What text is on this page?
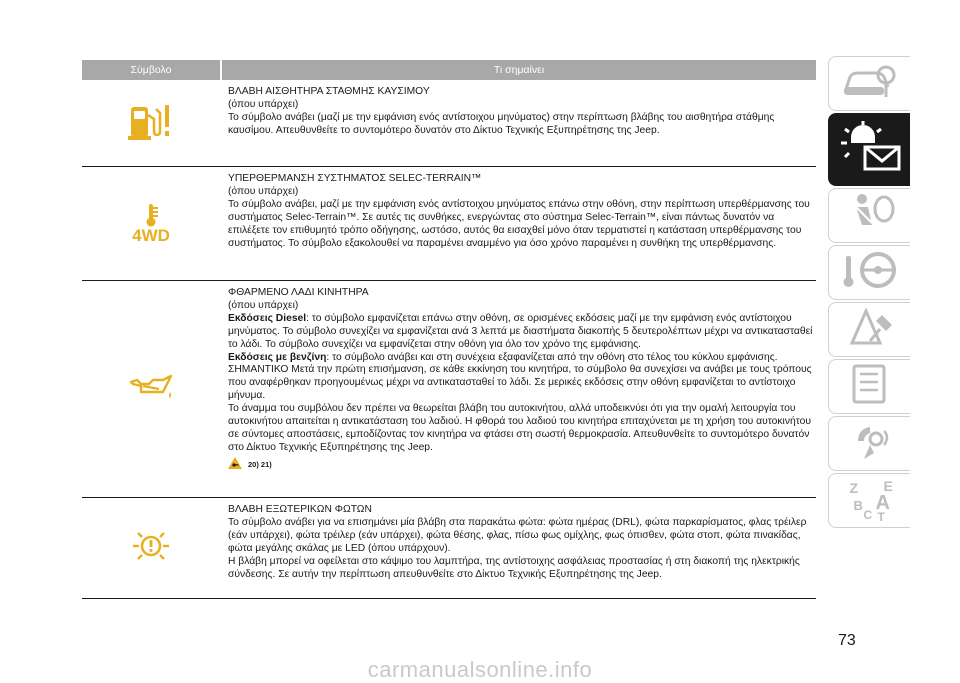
Σύμβολο	Τι σημαίνει

ΒΛΑΒΗ ΑΙΣΘΗΤΗΡΑ ΣΤΑΘΜΗΣ ΚΑΥΣΙΜΟΥ

(όπου υπάρχει)

Το σύμβολο ανάβει (μαζί με την εμφάνιση ενός αντίστοιχου μηνύματος) στην περίπτωση βλάβης του αισθητήρα στάθμης καυσίμου. Απευθυνθείτε το συντομότερο δυνατόν στο Δίκτυο Τεχνικής Εξυπηρέτησης της Jeep.

4WD

ΥΠΕΡΘΕΡΜΑΝΣΗ ΣΥΣΤΗΜΑΤΟΣ SELEC-TERRAIN™

(όπου υπάρχει)

Το σύμβολο ανάβει, μαζί με την εμφάνιση ενός αντίστοιχου μηνύματος επάνω στην οθόνη, στην περίπτωση υπερθέρμανσης του συστήματος Selec-Terrain™. Σε αυτές τις συνθήκες, ενεργώντας στο σύστημα Selec-Terrain™, είναι πάντως δυνατόν να επιλέξετε τον επιθυμητό τρόπο οδήγησης, ωστόσο, αυτός θα εισαχθεί μόνο όταν τερματιστεί η κατάσταση υπερθέρμανσης του συστήματος. Το σύμβολο εξακολουθεί να παραμένει αναμμένο για όσο χρόνο παραμένει η συνθήκη της υπερθέρμανσης.

ΦΘΑΡΜΕΝΟ ΛΑΔΙ ΚΙΝΗΤΗΡΑ

(όπου υπάρχει)

Εκδόσεις Diesel: το σύμβολο εμφανίζεται επάνω στην οθόνη, σε ορισμένες εκδόσεις μαζί με την εμφάνιση ενός αντίστοιχου μηνύματος. Το σύμβολο συνεχίζει να εμφανίζεται ανά 3 λεπτά με διαστήματα διακοπής 5 δευτερολέπτων μέχρι να αντικατασταθεί το λάδι. Το σύμβολο συνεχίζει να εμφανίζεται στην οθόνη για όλο τον χρόνο της εμφάνισης.

Εκδόσεις με βενζίνη: το σύμβολο ανάβει και στη συνέχεια εξαφανίζεται από την οθόνη στο τέλος του κύκλου εμφάνισης.

ΣΗΜΑΝΤΙΚΟ Μετά την πρώτη επισήμανση, σε κάθε εκκίνηση του κινητήρα, το σύμβολο θα συνεχίσει να ανάβει με τους τρόπους που αναφέρθηκαν προηγουμένως μέχρι να αντικατασταθεί το λάδι. Σε μερικές εκδόσεις στην οθόνη εμφανίζεται το αντίστοιχο μήνυμα.

Το άναμμα του συμβόλου δεν πρέπει να θεωρείται βλάβη του αυτοκινήτου, αλλά υποδεικνύει ότι για την ομαλή λειτουργία του αυτοκινήτου απαιτείται η αντικατάσταση του λαδιού. Η φθορά του λαδιού του κινητήρα επιταχύνεται με τη χρήση του αυτοκινήτου σε σύντομες αποστάσεις, εμποδίζοντας τον κινητήρα να φτάσει στη σωστή θερμοκρασία. Απευθυνθείτε το συντομότερο δυνατόν στο Δίκτυο Τεχνικής Εξυπηρέτησης της Jeep.

20) 21)

ΒΛΑΒΗ ΕΞΩΤΕΡΙΚΩΝ ΦΩΤΩΝ

Το σύμβολο ανάβει για να επισημάνει μία βλάβη στα παρακάτω φώτα: φώτα ημέρας (DRL), φώτα παρκαρίσματος, φλας τρέιλερ (εάν υπάρχει), φώτα τρέιλερ (εάν υπάρχει), φώτα θέσης, φλας, πίσω φως ομίχλης, φως όπισθεν, φώτα στοπ, φώτα πινακίδας, φώτα μεγάλης σκάλας με LED (όπου υπάρχουν).

Η βλάβη μπορεί να οφείλεται στο κάψιμο του λαμπτήρα, της αντίστοιχης ασφάλειας προστασίας ή στη διακοπή της ηλεκτρικής σύνδεσης. Σε αυτήν την περίπτωση απευθυνθείτε στο Δίκτυο Τεχνικής Εξυπηρέτησης της Jeep.

Z E
B A
C T
73
carmanualsonline.info
